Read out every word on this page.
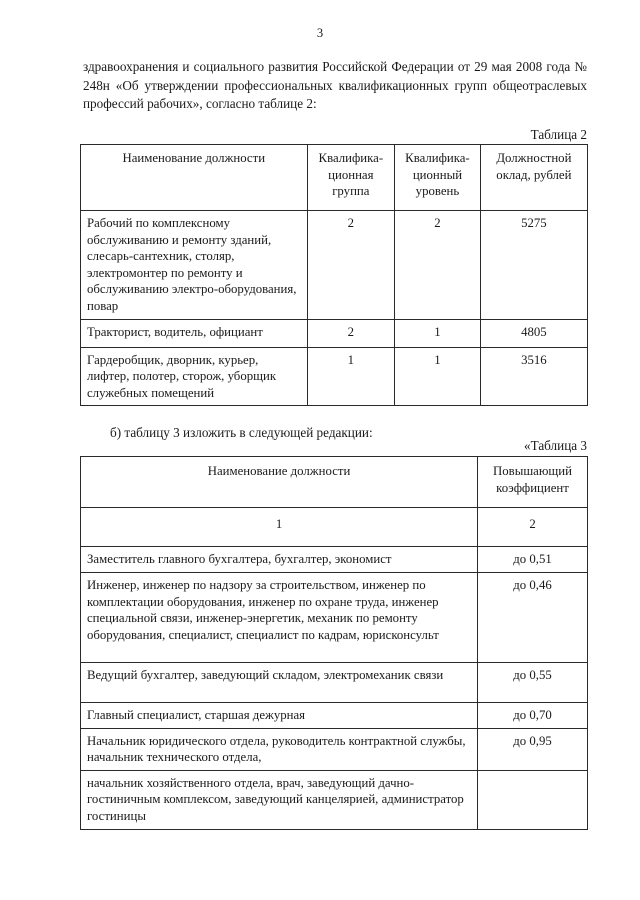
3
здравоохранения и социального развития Российской Федерации от 29 мая 2008 года № 248н «Об утверждении профессиональных квалификационных групп общеотраслевых профессий рабочих», согласно таблице 2:
Таблица 2
Наименование должности	Квалифика-ционная группа	Квалифика-ционный уровень	Должностной оклад, рублей
Рабочий по комплексному обслуживанию и ремонту зданий, слесарь-сантехник, столяр, электромонтер по ремонту и обслуживанию электро-оборудования, повар	2	2	5275
Тракторист, водитель, официант	2	1	4805
Гардеробщик, дворник, курьер, лифтер, полотер, сторож, уборщик служебных помещений	1	1	3516
б) таблицу 3 изложить в следующей редакции:
«Таблица 3
Наименование должности	Повышающий коэффициент
1	2
Заместитель главного бухгалтера, бухгалтер, экономист	до 0,51
Инженер, инженер по надзору за строительством, инженер по комплектации оборудования, инженер по охране труда, инженер специальной связи, инженер-энергетик, механик по ремонту оборудования, специалист, специалист по кадрам, юрисконсульт	до 0,46
Ведущий бухгалтер, заведующий складом, электромеханик связи	до 0,55
Главный специалист, старшая дежурная	до 0,70
Начальник юридического отдела, руководитель контрактной службы, начальник технического отдела,	до 0,95
начальник хозяйственного отдела, врач, заведующий дачно-гостиничным комплексом, заведующий канцелярией, администратор гостиницы	
